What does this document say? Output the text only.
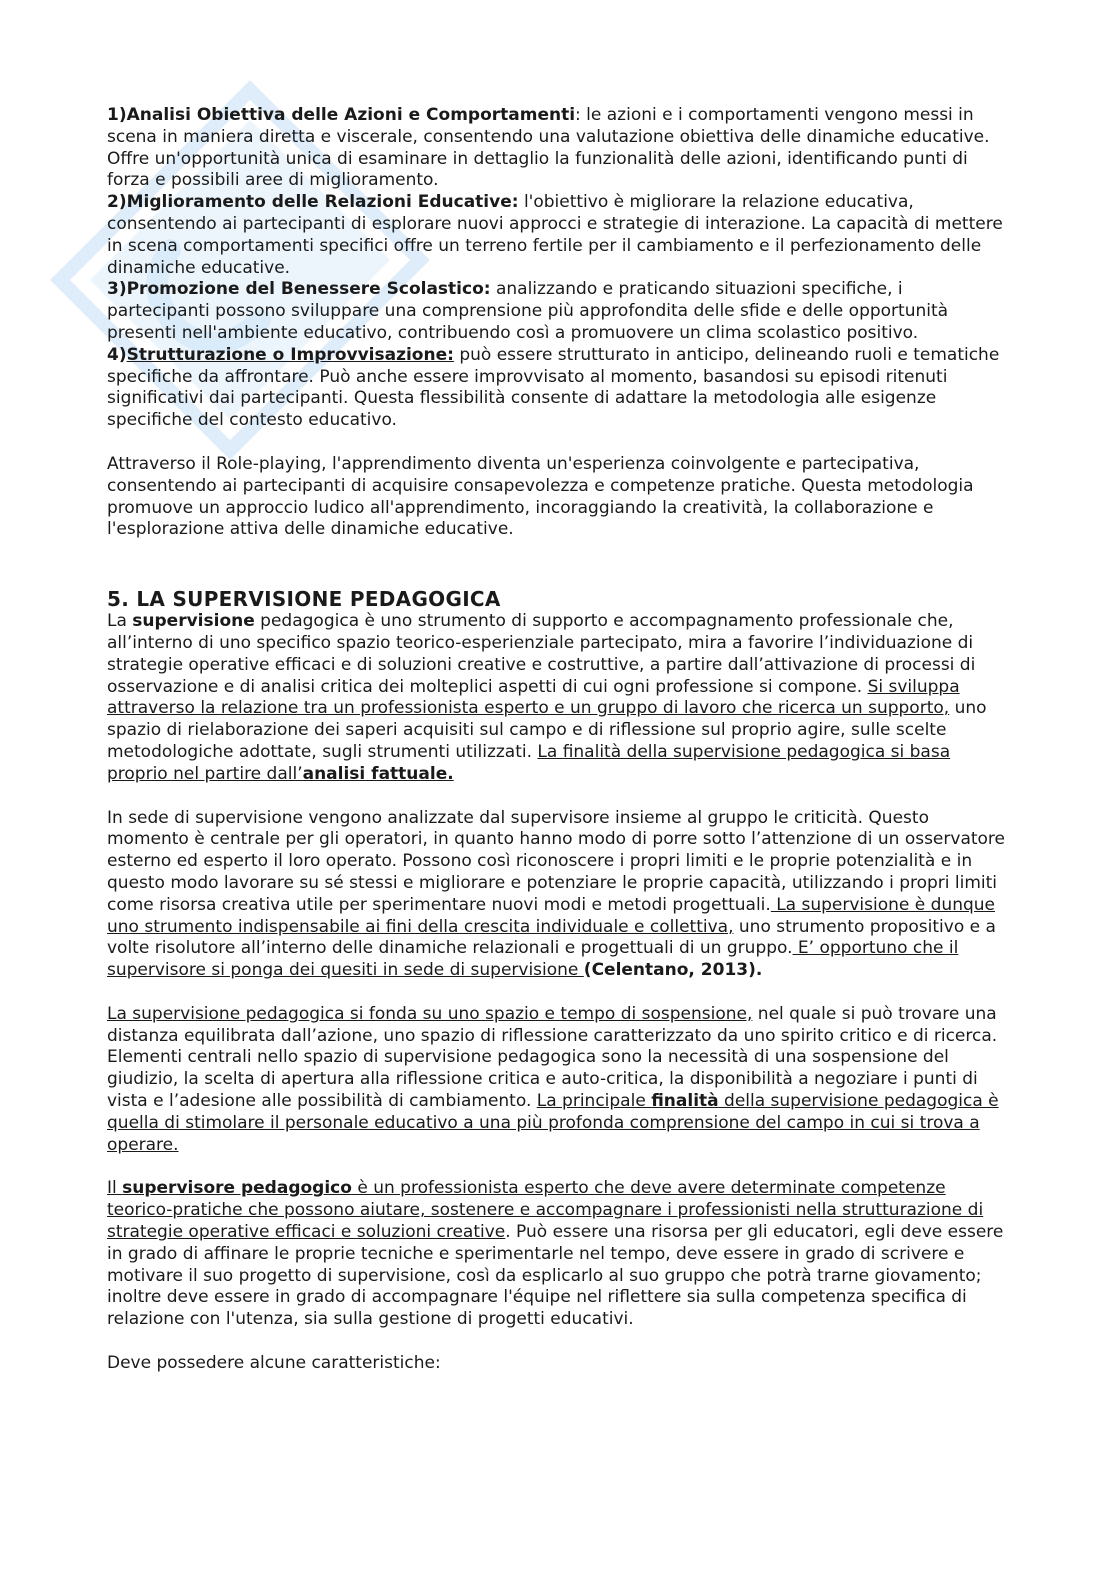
1)Analisi Obiettiva delle Azioni e Comportamenti: le azioni e i comportamenti vengono messi in scena in maniera diretta e viscerale, consentendo una valutazione obiettiva delle dinamiche educative. Offre un'opportunità unica di esaminare in dettaglio la funzionalità delle azioni, identificando punti di forza e possibili aree di miglioramento.

2)Miglioramento delle Relazioni Educative: l'obiettivo è migliorare la relazione educativa, consentendo ai partecipanti di esplorare nuovi approcci e strategie di interazione. La capacità di mettere in scena comportamenti specifici offre un terreno fertile per il cambiamento e il perfezionamento delle dinamiche educative.

3)Promozione del Benessere Scolastico: analizzando e praticando situazioni specifiche, i partecipanti possono sviluppare una comprensione più approfondita delle sfide e delle opportunità presenti nell'ambiente educativo, contribuendo così a promuovere un clima scolastico positivo.

4)Strutturazione o Improvvisazione: può essere strutturato in anticipo, delineando ruoli e tematiche specifiche da affrontare. Può anche essere improvvisato al momento, basandosi su episodi ritenuti significativi dai partecipanti. Questa flessibilità consente di adattare la metodologia alle esigenze specifiche del contesto educativo.

Attraverso il Role-playing, l'apprendimento diventa un'esperienza coinvolgente e partecipativa, consentendo ai partecipanti di acquisire consapevolezza e competenze pratiche. Questa metodologia promuove un approccio ludico all'apprendimento, incoraggiando la creatività, la collaborazione e l'esplorazione attiva delle dinamiche educative.

5. LA SUPERVISIONE PEDAGOGICA

La supervisione pedagogica è uno strumento di supporto e accompagnamento professionale che, all’interno di uno specifico spazio teorico-esperienziale partecipato, mira a favorire l’individuazione di strategie operative efficaci e di soluzioni creative e costruttive, a partire dall’attivazione di processi di osservazione e di analisi critica dei molteplici aspetti di cui ogni professione si compone. Si sviluppa attraverso la relazione tra un professionista esperto e un gruppo di lavoro che ricerca un supporto, uno spazio di rielaborazione dei saperi acquisiti sul campo e di riflessione sul proprio agire, sulle scelte metodologiche adottate, sugli strumenti utilizzati. La finalità della supervisione pedagogica si basa proprio nel partire dall’analisi fattuale.

In sede di supervisione vengono analizzate dal supervisore insieme al gruppo le criticità. Questo momento è centrale per gli operatori, in quanto hanno modo di porre sotto l’attenzione di un osservatore esterno ed esperto il loro operato. Possono così riconoscere i propri limiti e le proprie potenzialità e in questo modo lavorare su sé stessi e migliorare e potenziare le proprie capacità, utilizzando i propri limiti come risorsa creativa utile per sperimentare nuovi modi e metodi progettuali. La supervisione è dunque uno strumento indispensabile ai fini della crescita individuale e collettiva, uno strumento propositivo e a volte risolutore all’interno delle dinamiche relazionali e progettuali di un gruppo. E’ opportuno che il supervisore si ponga dei quesiti in sede di supervisione (Celentano, 2013).

La supervisione pedagogica si fonda su uno spazio e tempo di sospensione, nel quale si può trovare una distanza equilibrata dall’azione, uno spazio di riflessione caratterizzato da uno spirito critico e di ricerca. Elementi centrali nello spazio di supervisione pedagogica sono la necessità di una sospensione del giudizio, la scelta di apertura alla riflessione critica e auto-critica, la disponibilità a negoziare i punti di vista e l’adesione alle possibilità di cambiamento. La principale finalità della supervisione pedagogica è quella di stimolare il personale educativo a una più profonda comprensione del campo in cui si trova a operare.

Il supervisore pedagogico è un professionista esperto che deve avere determinate competenze teorico-pratiche che possono aiutare, sostenere e accompagnare i professionisti nella strutturazione di strategie operative efficaci e soluzioni creative. Può essere una risorsa per gli educatori, egli deve essere in grado di affinare le proprie tecniche e sperimentarle nel tempo, deve essere in grado di scrivere e motivare il suo progetto di supervisione, così da esplicarlo al suo gruppo che potrà trarne giovamento; inoltre deve essere in grado di accompagnare l'équipe nel riflettere sia sulla competenza specifica di relazione con l'utenza, sia sulla gestione di progetti educativi.

Deve possedere alcune caratteristiche:
